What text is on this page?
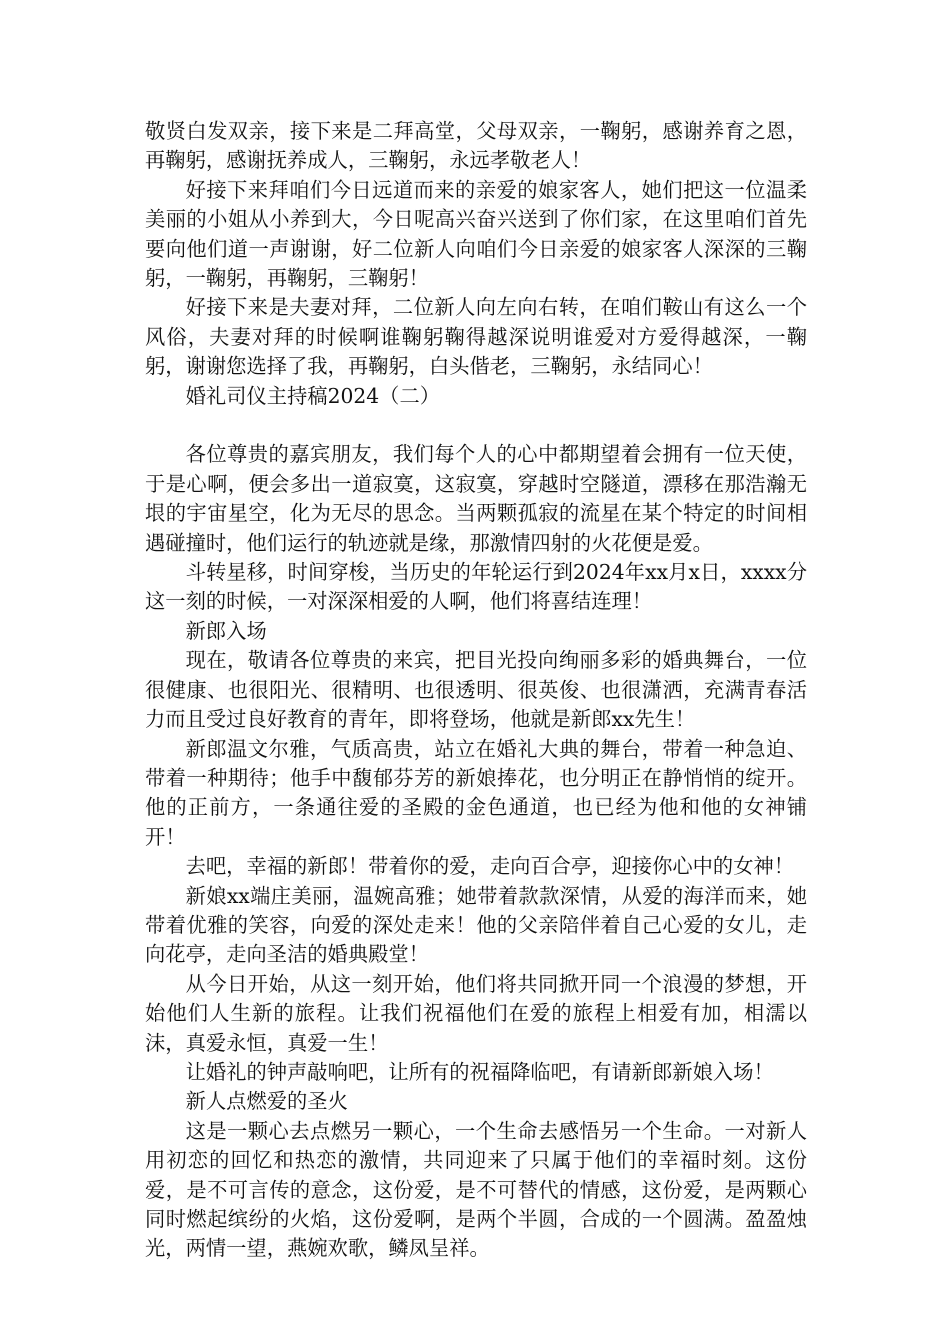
敬贤白发双亲，接下来是二拜高堂，父母双亲，一鞠躬，感谢养育之恩，再鞠躬，感谢抚养成人，三鞠躬，永远孝敬老人！

好接下来拜咱们今日远道而来的亲爱的娘家客人，她们把这一位温柔美丽的小姐从小养到大，今日呢高兴奋兴送到了你们家，在这里咱们首先要向他们道一声谢谢，好二位新人向咱们今日亲爱的娘家客人深深的三鞠躬，一鞠躬，再鞠躬，三鞠躬！

好接下来是夫妻对拜，二位新人向左向右转，在咱们鞍山有这么一个风俗，夫妻对拜的时候啊谁鞠躬鞠得越深说明谁爱对方爱得越深，一鞠躬，谢谢您选择了我，再鞠躬，白头偕老，三鞠躬，永结同心！

婚礼司仪主持稿2024（二）

各位尊贵的嘉宾朋友，我们每个人的心中都期望着会拥有一位天使，于是心啊，便会多出一道寂寞，这寂寞，穿越时空隧道，漂移在那浩瀚无垠的宇宙星空，化为无尽的思念。当两颗孤寂的流星在某个特定的时间相遇碰撞时，他们运行的轨迹就是缘，那激情四射的火花便是爱。

斗转星移，时间穿梭，当历史的年轮运行到2024年xx月x日，xxxx分这一刻的时候，一对深深相爱的人啊，他们将喜结连理！

新郎入场

现在，敬请各位尊贵的来宾，把目光投向绚丽多彩的婚典舞台，一位很健康、也很阳光、很精明、也很透明、很英俊、也很潇洒，充满青春活力而且受过良好教育的青年，即将登场，他就是新郎xx先生！

新郎温文尔雅，气质高贵，站立在婚礼大典的舞台，带着一种急迫、带着一种期待；他手中馥郁芬芳的新娘捧花，也分明正在静悄悄的绽开。他的正前方，一条通往爱的圣殿的金色通道，也已经为他和他的女神铺开！

去吧，幸福的新郎！带着你的爱，走向百合亭，迎接你心中的女神！

新娘xx端庄美丽，温婉高雅；她带着款款深情，从爱的海洋而来，她带着优雅的笑容，向爱的深处走来！他的父亲陪伴着自己心爱的女儿，走向花亭，走向圣洁的婚典殿堂！

从今日开始，从这一刻开始，他们将共同掀开同一个浪漫的梦想，开始他们人生新的旅程。让我们祝福他们在爱的旅程上相爱有加，相濡以沫，真爱永恒，真爱一生！

让婚礼的钟声敲响吧，让所有的祝福降临吧，有请新郎新娘入场！

新人点燃爱的圣火

这是一颗心去点燃另一颗心，一个生命去感悟另一个生命。一对新人用初恋的回忆和热恋的激情，共同迎来了只属于他们的幸福时刻。这份爱，是不可言传的意念，这份爱，是不可替代的情感，这份爱，是两颗心同时燃起缤纷的火焰，这份爱啊，是两个半圆，合成的一个圆满。盈盈烛光，两情一望，燕婉欢歌，鳞凤呈祥。
